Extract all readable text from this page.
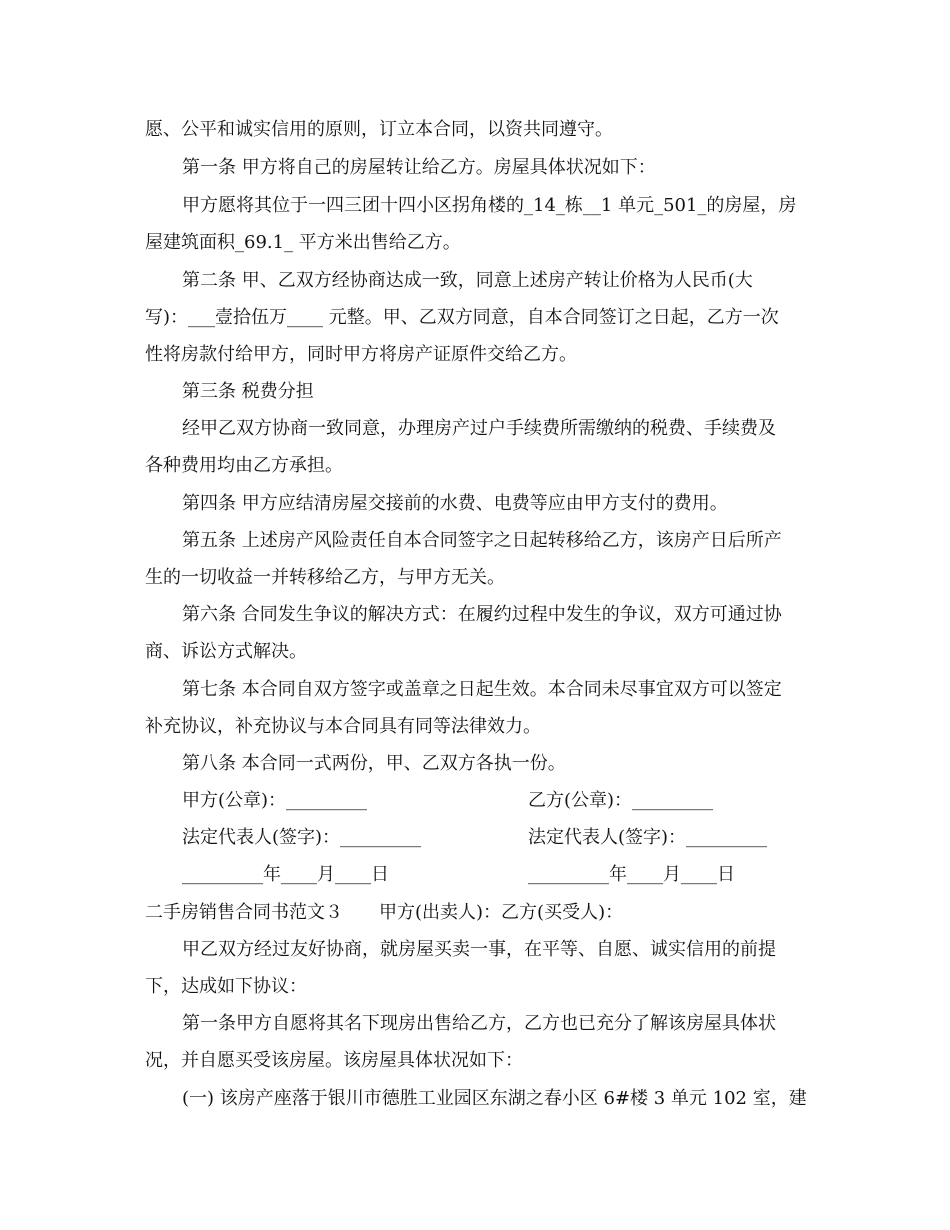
愿、公平和诚实信用的原则，订立本合同，以资共同遵守。
第一条 甲方将自己的房屋转让给乙方。房屋具体状况如下：
甲方愿将其位于一四三团十四小区拐角楼的_14_栋__1 单元_501_的房屋，房
屋建筑面积_69.1_ 平方米出售给乙方。
第二条 甲、乙双方经协商达成一致，同意上述房产转让价格为人民币(大
写)：___壹拾伍万____ 元整。甲、乙双方同意，自本合同签订之日起，乙方一次
性将房款付给甲方，同时甲方将房产证原件交给乙方。
第三条 税费分担
经甲乙双方协商一致同意，办理房产过户手续费所需缴纳的税费、手续费及
各种费用均由乙方承担。
第四条 甲方应结清房屋交接前的水费、电费等应由甲方支付的费用。
第五条 上述房产风险责任自本合同签字之日起转移给乙方，该房产日后所产
生的一切收益一并转移给乙方，与甲方无关。
第六条 合同发生争议的解决方式：在履约过程中发生的争议，双方可通过协
商、诉讼方式解决。
第七条 本合同自双方签字或盖章之日起生效。本合同未尽事宜双方可以签定
补充协议，补充协议与本合同具有同等法律效力。
第八条 本合同一式两份，甲、乙双方各执一份。
甲方(公章)：_________	乙方(公章)：_________
法定代表人(签字)：_________	法定代表人(签字)：_________
_________年____月____日	_________年____月____日
二手房销售合同书范文３　　甲方(出卖人)：乙方(买受人)：
甲乙双方经过友好协商，就房屋买卖一事，在平等、自愿、诚实信用的前提
下，达成如下协议：
第一条甲方自愿将其名下现房出售给乙方，乙方也已充分了解该房屋具体状
况，并自愿买受该房屋。该房屋具体状况如下：
(一) 该房产座落于银川市德胜工业园区东湖之春小区 6#楼 3 单元 102 室，建
